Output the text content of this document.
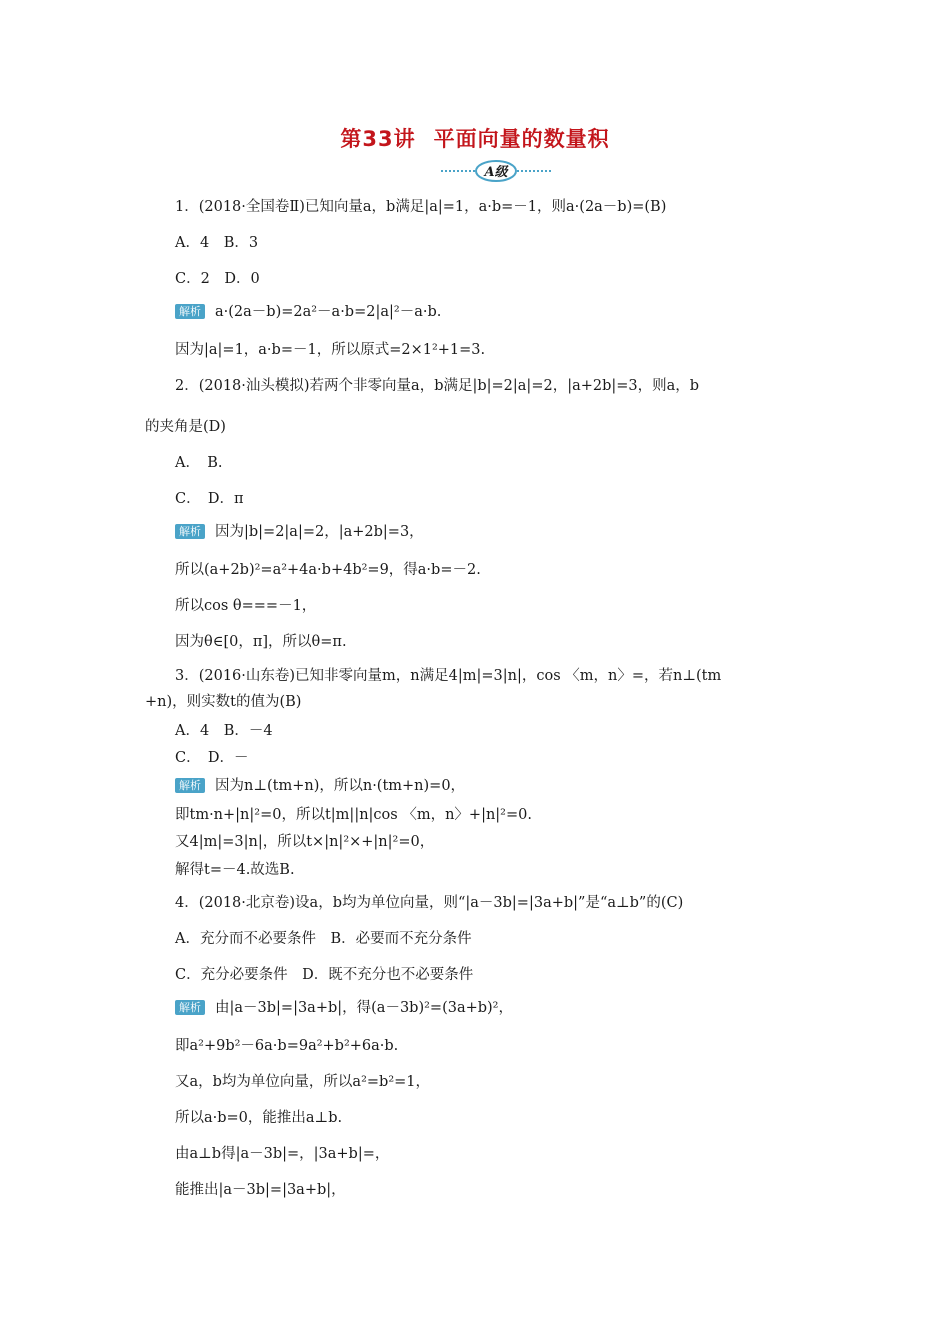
第33讲 平面向量的数量积
A级
1．(2018·全国卷Ⅱ)已知向量a，b满足|a|=1，a·b=－1，则a·(2a－b)=(B)
A．4　B．3
C．2　D．0
解析 a·(2a－b)=2a²－a·b=2|a|²－a·b.
因为|a|=1，a·b=－1，所以原式=2×1²+1=3.
2．(2018·汕头模拟)若两个非零向量a，b满足|b|=2|a|=2，|a+2b|=3，则a，b
的夹角是(D)
A．　B.
C．　D．π
解析 因为|b|=2|a|=2，|a+2b|=3，
所以(a+2b)²=a²+4a·b+4b²=9，得a·b=－2.
所以cos θ===－1，
因为θ∈[0，π]，所以θ=π.
3．(2016·山东卷)已知非零向量m，n满足4|m|=3|n|，cos 〈m，n〉=，若n⊥(tm
+n)，则实数t的值为(B)
A．4　B．－4
C．　D．－
解析 因为n⊥(tm+n)，所以n·(tm+n)=0，
即tm·n+|n|²=0，所以t|m||n|cos 〈m，n〉+|n|²=0.
又4|m|=3|n|，所以t×|n|²×+|n|²=0，
解得t=－4.故选B.
4．(2018·北京卷)设a，b均为单位向量，则“|a－3b|=|3a+b|”是“a⊥b”的(C)
A．充分而不必要条件　B．必要而不充分条件
C．充分必要条件　D．既不充分也不必要条件
解析 由|a－3b|=|3a+b|，得(a－3b)²=(3a+b)²，
即a²+9b²－6a·b=9a²+b²+6a·b.
又a，b均为单位向量，所以a²=b²=1，
所以a·b=0，能推出a⊥b.
由a⊥b得|a－3b|=，|3a+b|=，
能推出|a－3b|=|3a+b|，
